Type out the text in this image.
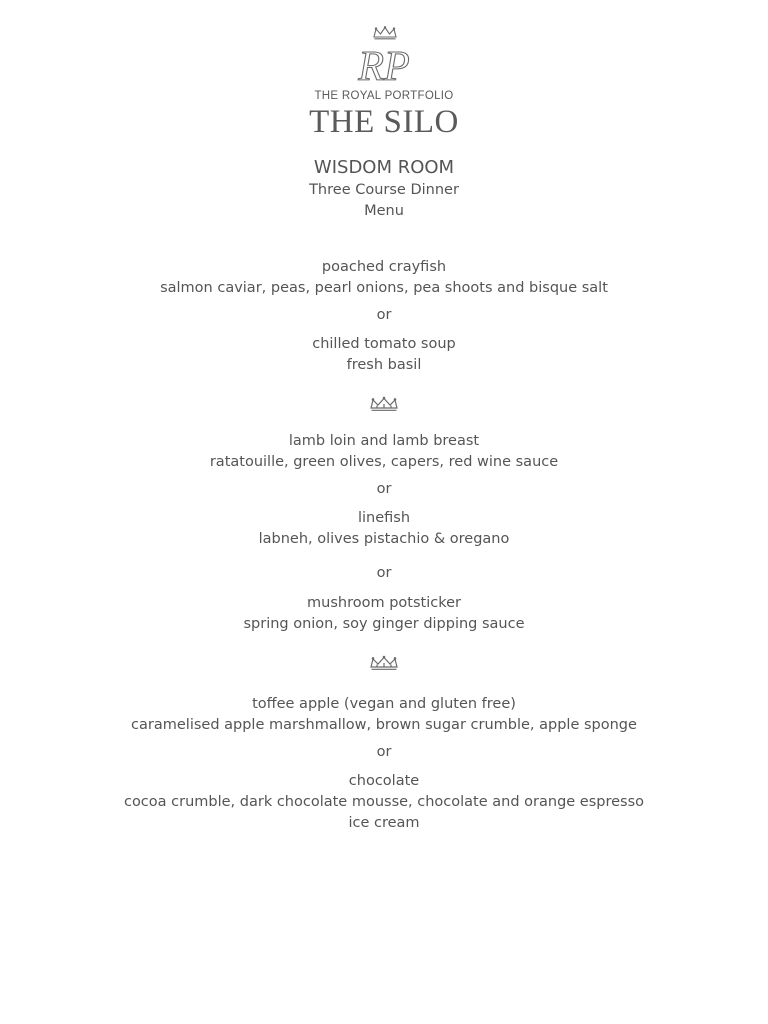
RP
THE ROYAL PORTFOLIO
THE SILO
WISDOM ROOM
Three Course Dinner
Menu
poached crayfish
salmon caviar, peas, pearl onions, pea shoots and bisque salt
or
chilled tomato soup
fresh basil
lamb loin and lamb breast
ratatouille, green olives, capers, red wine sauce
or
linefish
labneh, olives pistachio & oregano
or
mushroom potsticker
spring onion, soy ginger dipping sauce
toffee apple (vegan and gluten free)
caramelised apple marshmallow, brown sugar crumble, apple sponge
or
chocolate
cocoa crumble, dark chocolate mousse, chocolate and orange espresso
ice cream
